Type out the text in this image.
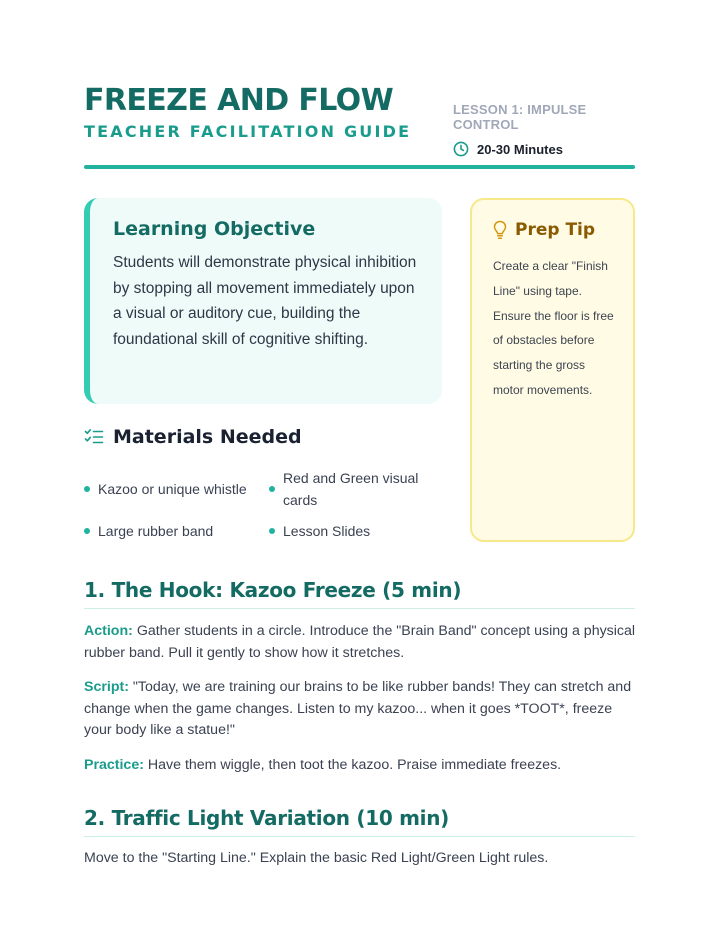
FREEZE AND FLOW
TEACHER FACILITATION GUIDE
LESSON 1: IMPULSE CONTROL
20-30 Minutes
Learning Objective

Students will demonstrate physical inhibition by stopping all movement immediately upon a visual or auditory cue, building the foundational skill of cognitive shifting.

Prep Tip

Create a clear "Finish Line" using tape. Ensure the floor is free of obstacles before starting the gross motor movements.

Materials Needed
Kazoo or unique whistle
Red and Green visual cards
Large rubber band	Lesson Slides
1. The Hook: Kazoo Freeze (5 min)
Action: Gather students in a circle. Introduce the "Brain Band" concept using a physical rubber band. Pull it gently to show how it stretches.
Script: "Today, we are training our brains to be like rubber bands! They can stretch and change when the game changes. Listen to my kazoo... when it goes *TOOT*, freeze your body like a statue!"
Practice: Have them wiggle, then toot the kazoo. Praise immediate freezes.
2. Traffic Light Variation (10 min)
Move to the "Starting Line." Explain the basic Red Light/Green Light rules.
